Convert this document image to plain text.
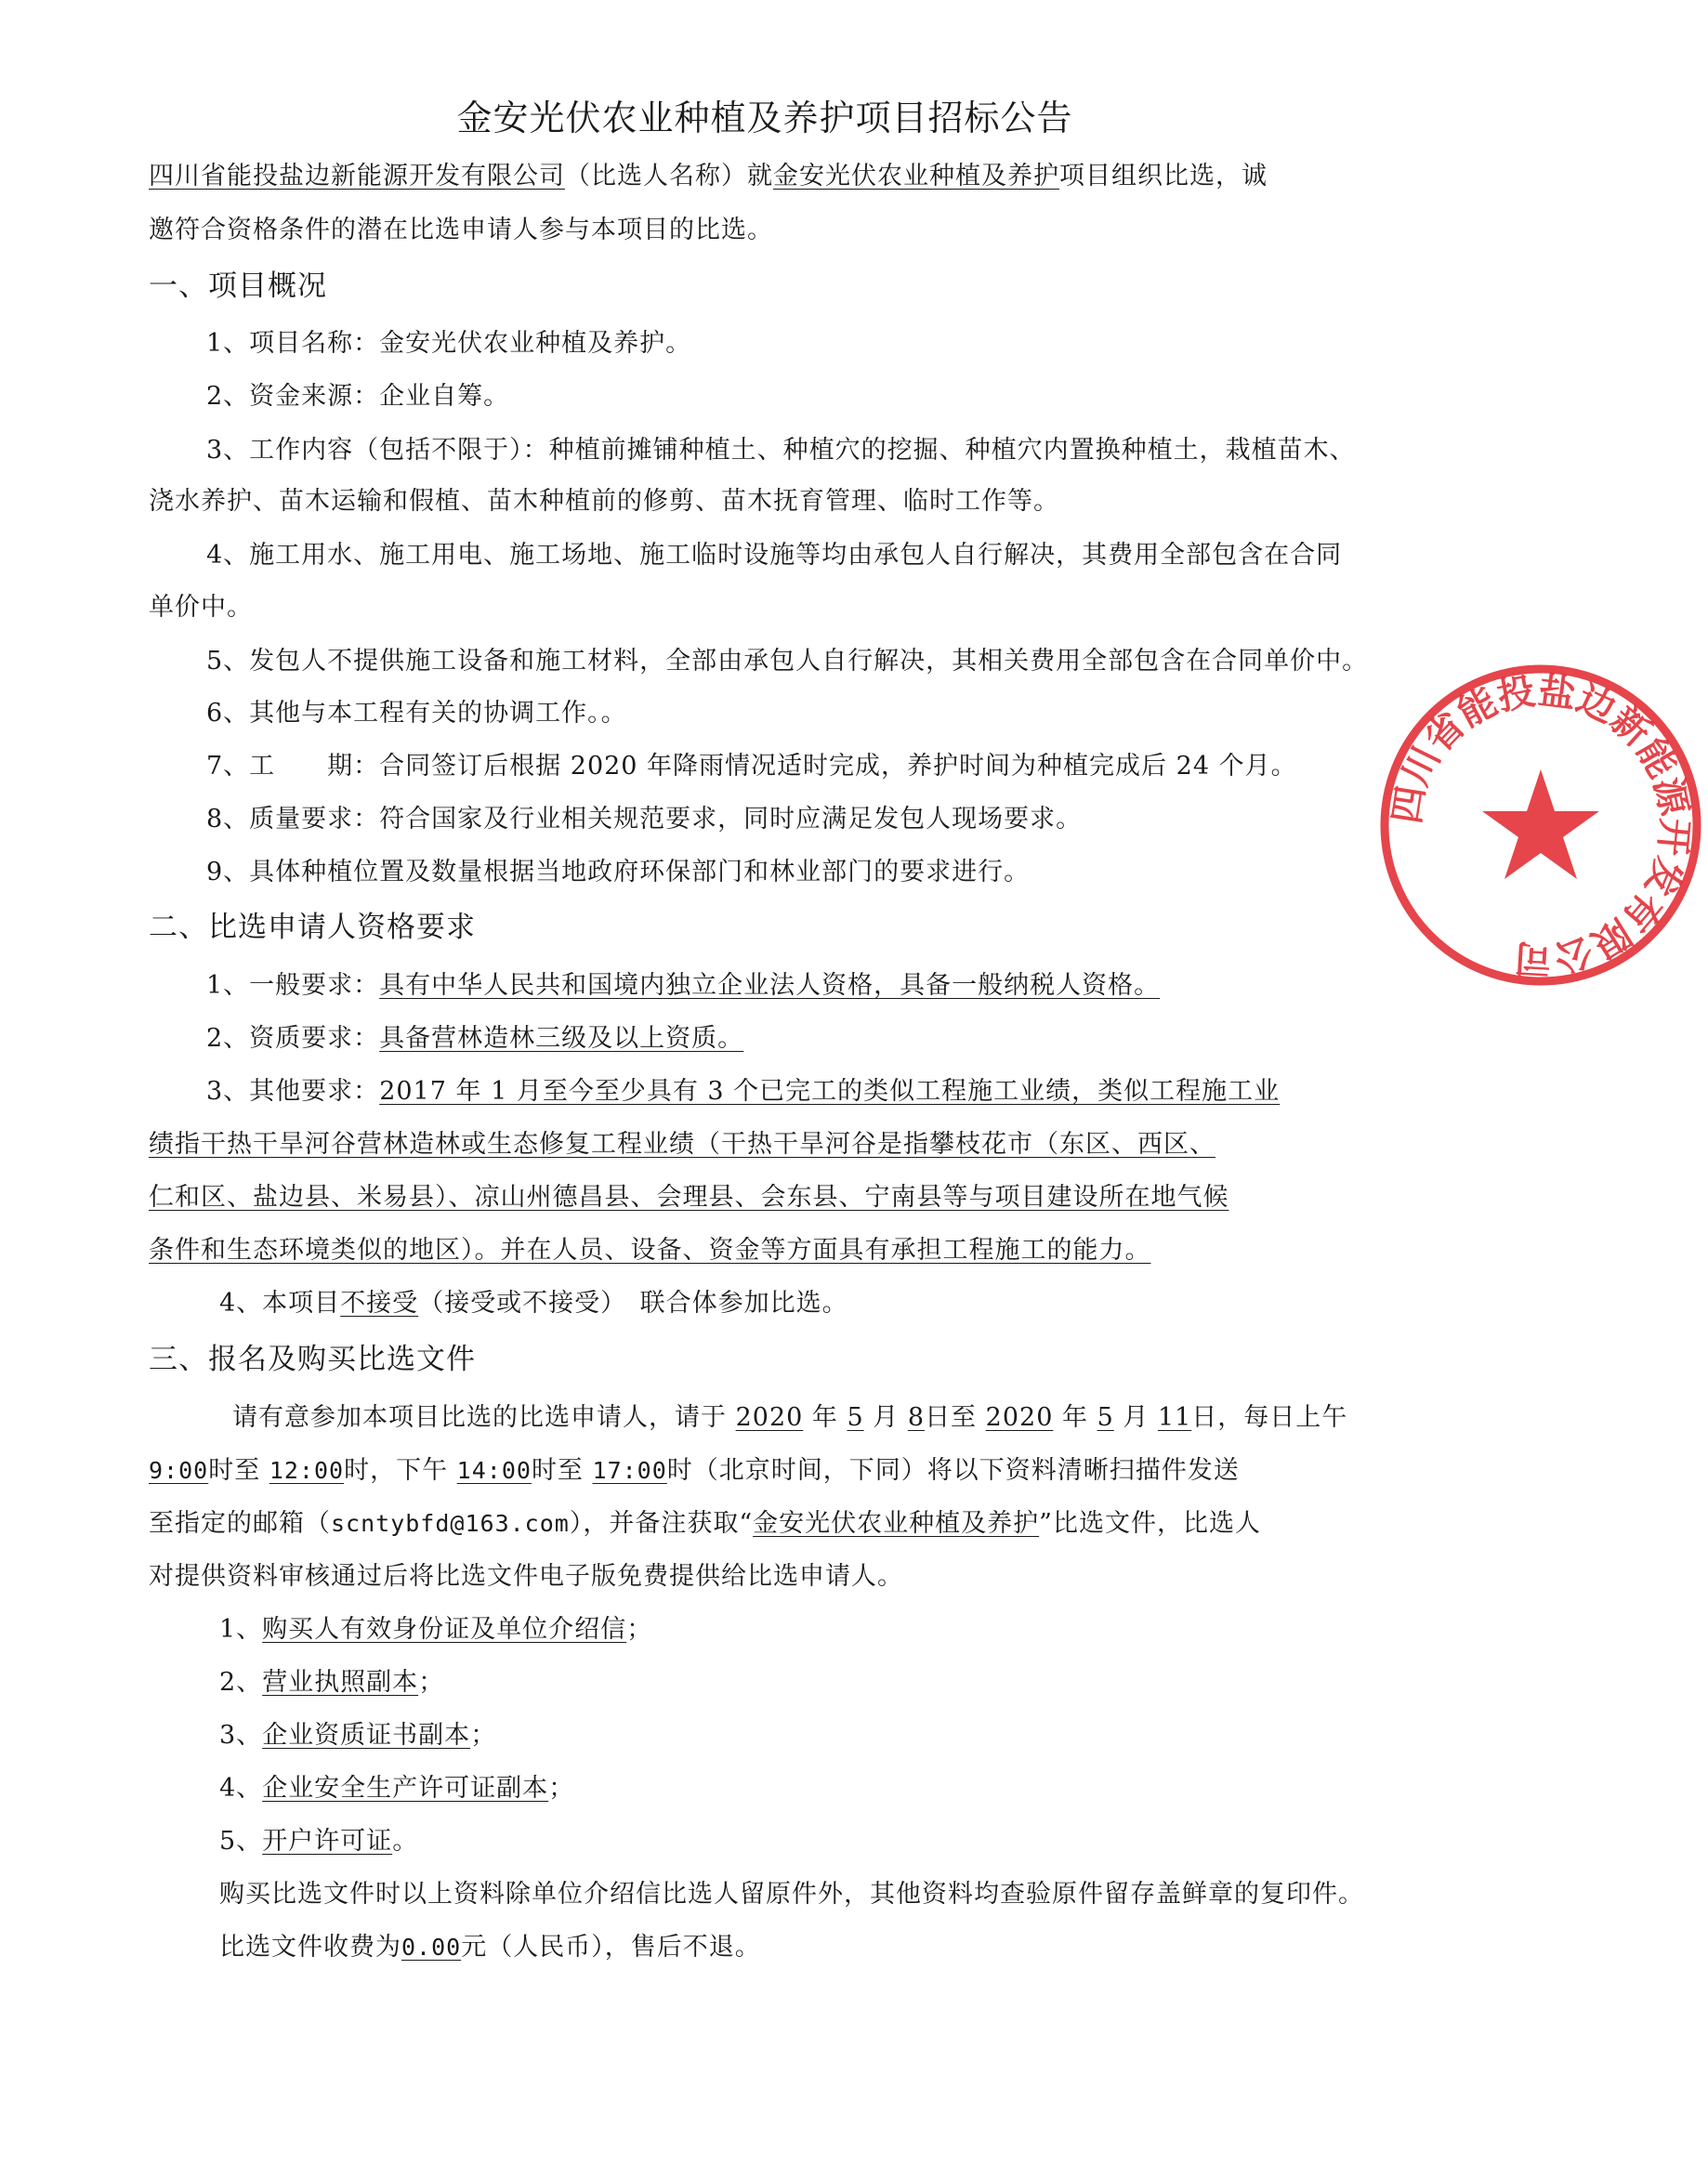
金安光伏农业种植及养护项目招标公告
四川省能投盐边新能源开发有限公司（比选人名称）就金安光伏农业种植及养护项目组织比选，诚
邀符合资格条件的潜在比选申请人参与本项目的比选。
一、项目概况
1、项目名称：金安光伏农业种植及养护。
2、资金来源：企业自筹。
3、工作内容（包括不限于）：种植前摊铺种植土、种植穴的挖掘、种植穴内置换种植土，栽植苗木、
浇水养护、苗木运输和假植、苗木种植前的修剪、苗木抚育管理、临时工作等。
4、施工用水、施工用电、施工场地、施工临时设施等均由承包人自行解决，其费用全部包含在合同
单价中。
5、发包人不提供施工设备和施工材料，全部由承包人自行解决，其相关费用全部包含在合同单价中。
6、其他与本工程有关的协调工作。。
7、工　　期：合同签订后根据 2020 年降雨情况适时完成，养护时间为种植完成后 24 个月。
8、质量要求：符合国家及行业相关规范要求，同时应满足发包人现场要求。
9、具体种植位置及数量根据当地政府环保部门和林业部门的要求进行。
二、比选申请人资格要求
1、一般要求：具有中华人民共和国境内独立企业法人资格，具备一般纳税人资格。
2、资质要求：具备营林造林三级及以上资质。
3、其他要求：2017 年 1 月至今至少具有 3 个已完工的类似工程施工业绩，类似工程施工业
绩指干热干旱河谷营林造林或生态修复工程业绩（干热干旱河谷是指攀枝花市（东区、西区、
仁和区、盐边县、米易县）、凉山州德昌县、会理县、会东县、宁南县等与项目建设所在地气候
条件和生态环境类似的地区）。并在人员、设备、资金等方面具有承担工程施工的能力。
4、本项目不接受（接受或不接受）　联合体参加比选。
三、报名及购买比选文件
请有意参加本项目比选的比选申请人，请于 2020 年 5 月 8日至 2020 年 5 月 11日，每日上午
9:00时至 12:00时，下午 14:00时至 17:00时（北京时间，下同）将以下资料清晰扫描件发送
至指定的邮箱（scntybfd@163.com），并备注获取“金安光伏农业种植及养护”比选文件，比选人
对提供资料审核通过后将比选文件电子版免费提供给比选申请人。
1、购买人有效身份证及单位介绍信；
2、营业执照副本；
3、企业资质证书副本；
4、企业安全生产许可证副本；
5、开户许可证。
购买比选文件时以上资料除单位介绍信比选人留原件外，其他资料均查验原件留存盖鲜章的复印件。
比选文件收费为0.00元（人民币），售后不退。
四川省能投盐边新能源开发有限公司
